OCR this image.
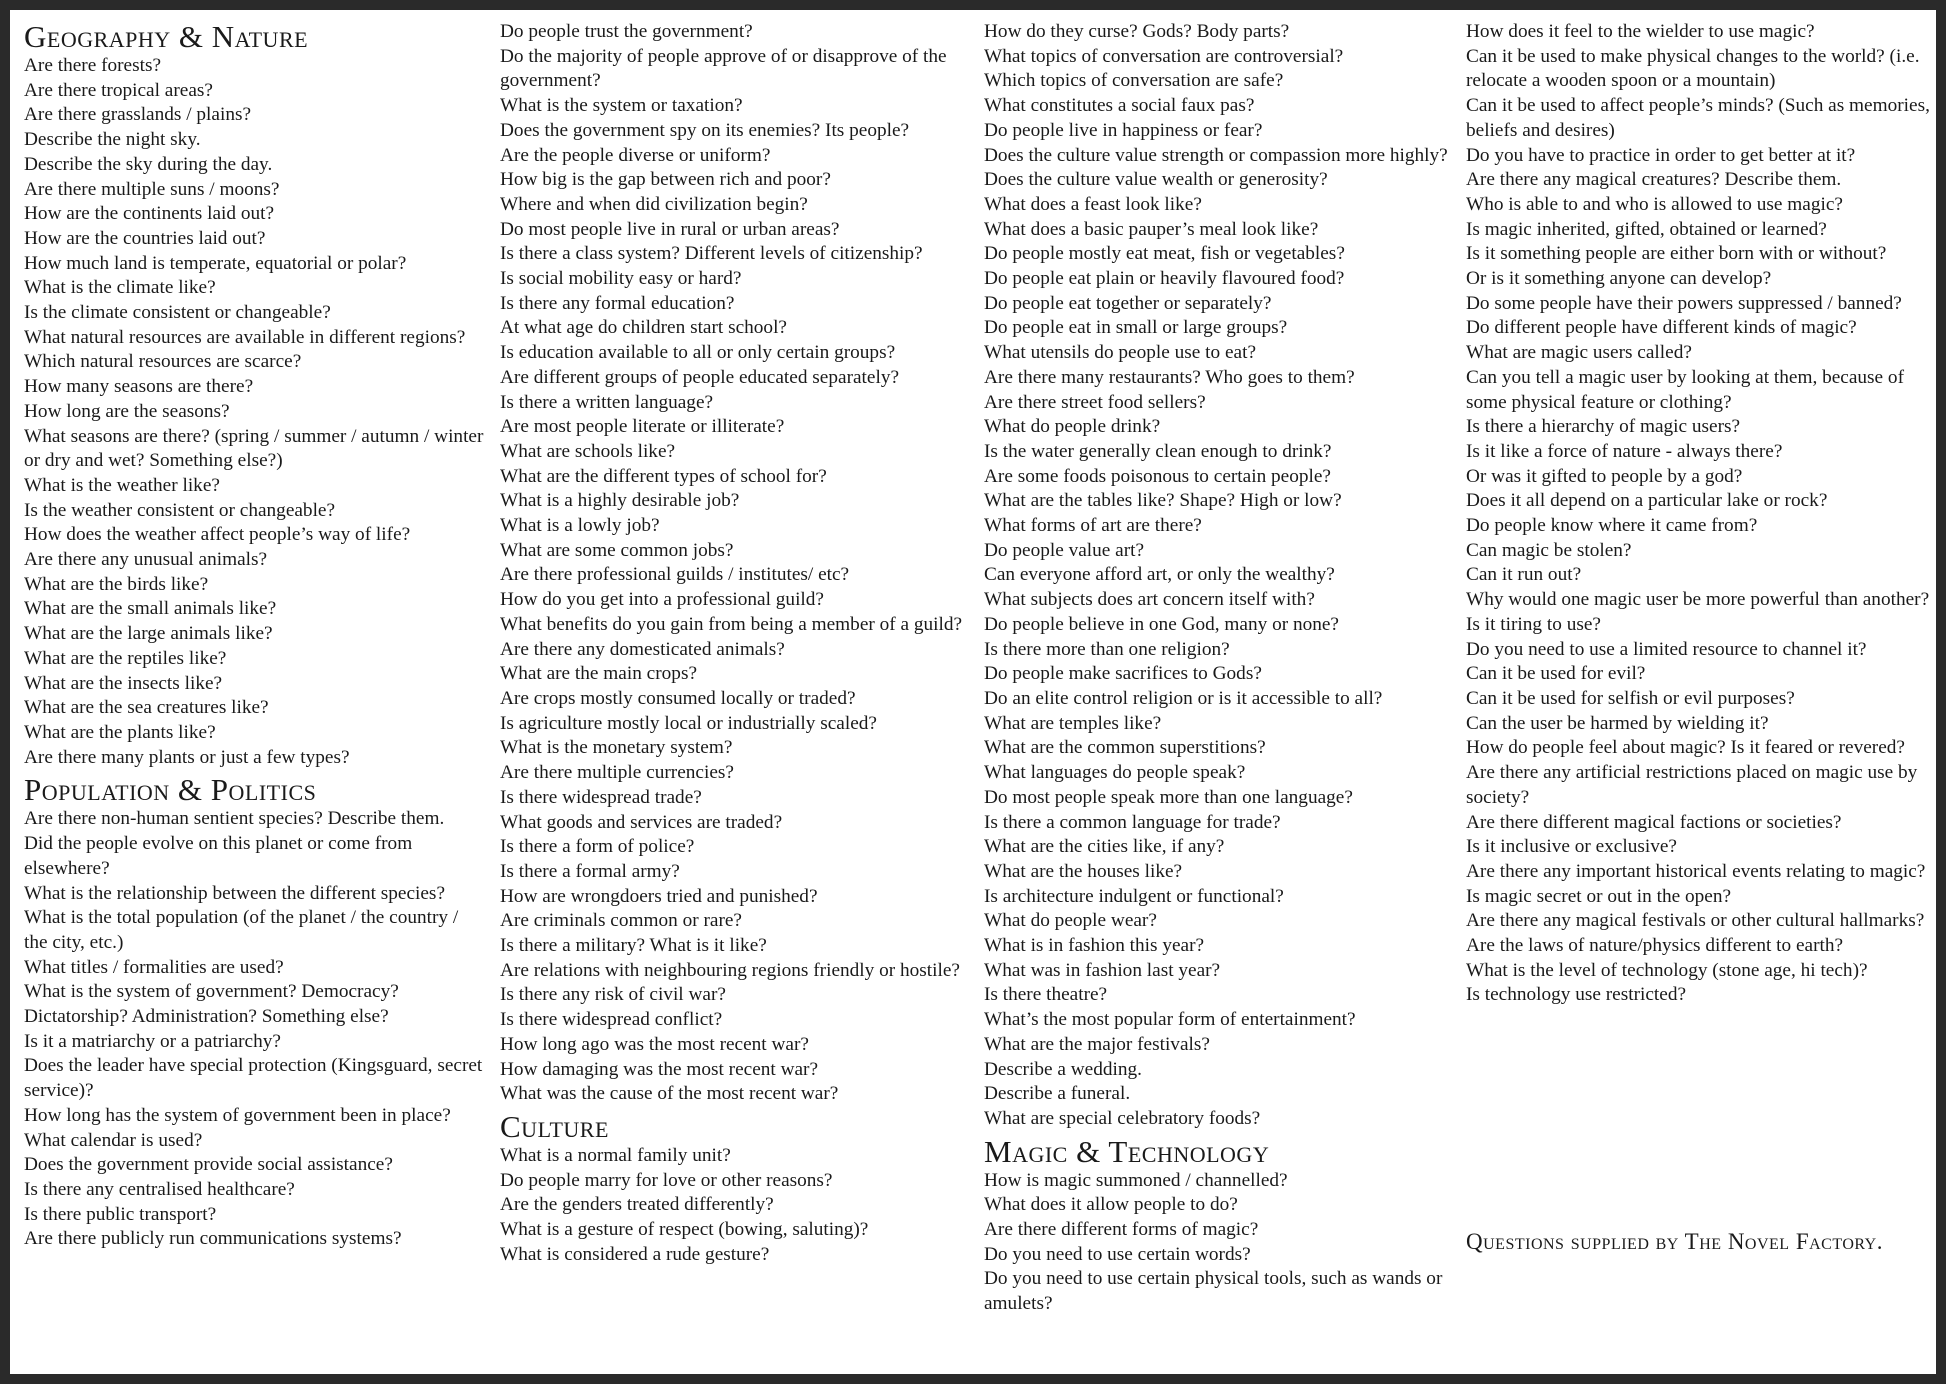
Geography & Nature

Are there forests?

Are there tropical areas?

Are there grasslands / plains?

Describe the night sky.

Describe the sky during the day.

Are there multiple suns / moons?

How are the continents laid out?

How are the countries laid out?

How much land is temperate, equatorial or polar?

What is the climate like?

Is the climate consistent or changeable?

What natural resources are available in different regions?

Which natural resources are scarce?

How many seasons are there?

How long are the seasons?

What seasons are there? (spring / summer / autumn / winter or dry and wet? Something else?)

What is the weather like?

Is the weather consistent or changeable?

How does the weather affect people’s way of life?

Are there any unusual animals?

What are the birds like?

What are the small animals like?

What are the large animals like?

What are the reptiles like?

What are the insects like?

What are the sea creatures like?

What are the plants like?

Are there many plants or just a few types?

Population & Politics

Are there non-human sentient species? Describe them.

Did the people evolve on this planet or come from elsewhere?

What is the relationship between the different species?

What is the total population (of the planet / the country / the city, etc.)

What titles / formalities are used?

What is the system of government? Democracy? Dictatorship? Administration? Something else?

Is it a matriarchy or a patriarchy?

Does the leader have special protection (Kingsguard, secret service)?

How long has the system of government been in place?

What calendar is used?

Does the government provide social assistance?

Is there any centralised healthcare?

Is there public transport?

Are there publicly run communications systems?

Do people trust the government?

Do the majority of people approve of or disapprove of the government?

What is the system or taxation?

Does the government spy on its enemies? Its people?

Are the people diverse or uniform?

How big is the gap between rich and poor?

Where and when did civilization begin?

Do most people live in rural or urban areas?

Is there a class system? Different levels of citizenship?

Is social mobility easy or hard?

Is there any formal education?

At what age do children start school?

Is education available to all or only certain groups?

Are different groups of people educated separately?

Is there a written language?

Are most people literate or illiterate?

What are schools like?

What are the different types of school for?

What is a highly desirable job?

What is a lowly job?

What are some common jobs?

Are there professional guilds / institutes/ etc?

How do you get into a professional guild?

What benefits do you gain from being a member of a guild?

Are there any domesticated animals?

What are the main crops?

Are crops mostly consumed locally or traded?

Is agriculture mostly local or industrially scaled?

What is the monetary system?

Are there multiple currencies?

Is there widespread trade?

What goods and services are traded?

Is there a form of police?

Is there a formal army?

How are wrongdoers tried and punished?

Are criminals common or rare?

Is there a military? What is it like?

Are relations with neighbouring regions friendly or hostile?

Is there any risk of civil war?

Is there widespread conflict?

How long ago was the most recent war?

How damaging was the most recent war?

What was the cause of the most recent war?

Culture

What is a normal family unit?

Do people marry for love or other reasons?

Are the genders treated differently?

What is a gesture of respect (bowing, saluting)?

What is considered a rude gesture?

How do they curse? Gods? Body parts?

What topics of conversation are controversial?

Which topics of conversation are safe?

What constitutes a social faux pas?

Do people live in happiness or fear?

Does the culture value strength or compassion more highly?

Does the culture value wealth or generosity?

What does a feast look like?

What does a basic pauper’s meal look like?

Do people mostly eat meat, fish or vegetables?

Do people eat plain or heavily flavoured food?

Do people eat together or separately?

Do people eat in small or large groups?

What utensils do people use to eat?

Are there many restaurants? Who goes to them?

Are there street food sellers?

What do people drink?

Is the water generally clean enough to drink?

Are some foods poisonous to certain people?

What are the tables like? Shape? High or low?

What forms of art are there?

Do people value art?

Can everyone afford art, or only the wealthy?

What subjects does art concern itself with?

Do people believe in one God, many or none?

Is there more than one religion?

Do people make sacrifices to Gods?

Do an elite control religion or is it accessible to all?

What are temples like?

What are the common superstitions?

What languages do people speak?

Do most people speak more than one language?

Is there a common language for trade?

What are the cities like, if any?

What are the houses like?

Is architecture indulgent or functional?

What do people wear?

What is in fashion this year?

What was in fashion last year?

Is there theatre?

What’s the most popular form of entertainment?

What are the major festivals?

Describe a wedding.

Describe a funeral.

What are special celebratory foods?

Magic & Technology

How is magic summoned / channelled?

What does it allow people to do?

Are there different forms of magic?

Do you need to use certain words?

Do you need to use certain physical tools, such as wands or amulets?

How does it feel to the wielder to use magic?

Can it be used to make physical changes to the world? (i.e. relocate a wooden spoon or a mountain)

Can it be used to affect people’s minds? (Such as memories, beliefs and desires)

Do you have to practice in order to get better at it?

Are there any magical creatures? Describe them.

Who is able to and who is allowed to use magic?

Is magic inherited, gifted, obtained or learned?

Is it something people are either born with or without?

Or is it something anyone can develop?

Do some people have their powers suppressed / banned?

Do different people have different kinds of magic?

What are magic users called?

Can you tell a magic user by looking at them, because of some physical feature or clothing?

Is there a hierarchy of magic users?

Is it like a force of nature - always there?

Or was it gifted to people by a god?

Does it all depend on a particular lake or rock?

Do people know where it came from?

Can magic be stolen?

Can it run out?

Why would one magic user be more powerful than another?

Is it tiring to use?

Do you need to use a limited resource to channel it?

Can it be used for evil?

Can it be used for selfish or evil purposes?

Can the user be harmed by wielding it?

How do people feel about magic? Is it feared or revered?

Are there any artificial restrictions placed on magic use by society?

Are there different magical factions or societies?

Is it inclusive or exclusive?

Are there any important historical events relating to magic?

Is magic secret or out in the open?

Are there any magical festivals or other cultural hallmarks?

Are the laws of nature/physics different to earth?

What is the level of technology (stone age, hi tech)?

Is technology use restricted?

Questions supplied by The Novel Factory.
